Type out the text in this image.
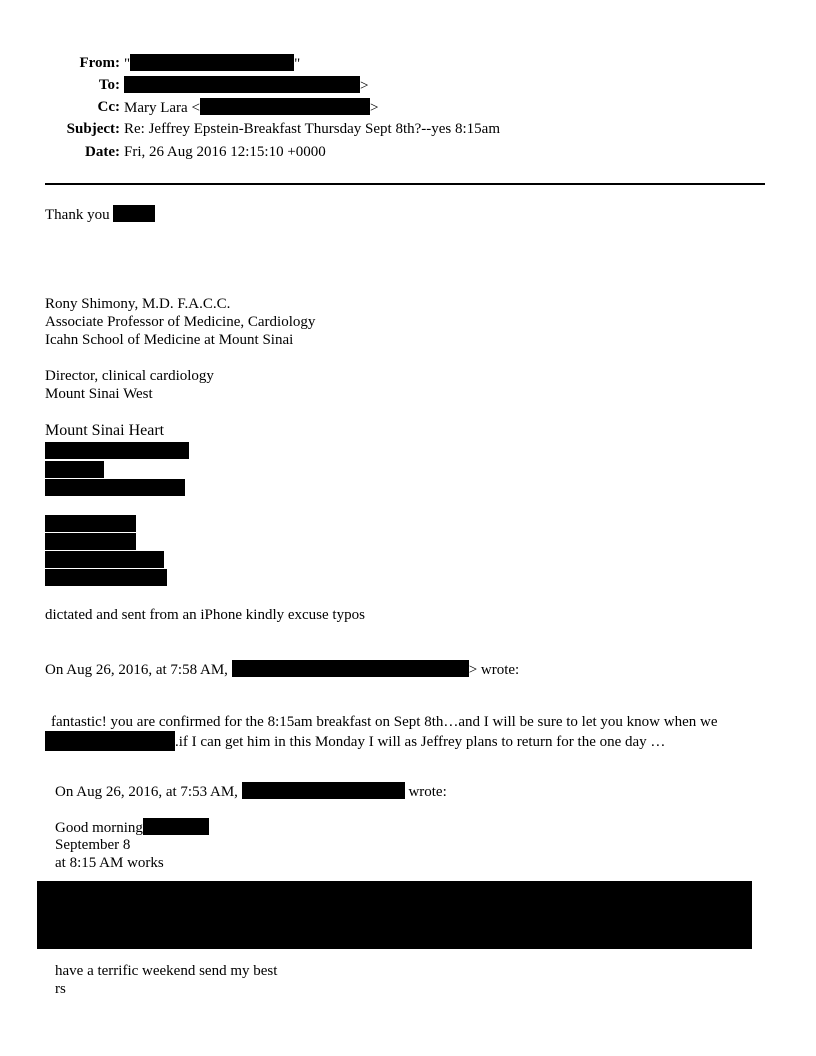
From: "	"
To:	>
Cc: Mary Lara <	>
Subject: Re: Jeffrey Epstein-Breakfast Thursday Sept 8th?--yes 8:15am
Date: Fri, 26 Aug 2016 12:15:10 +0000
Thank you
Rony Shimony, M.D. F.A.C.C.
Associate Professor of Medicine, Cardiology
Icahn School of Medicine at Mount Sinai
Director, clinical cardiology
Mount Sinai West
Mount Sinai Heart
dictated and sent from an iPhone kindly excuse typos
On Aug 26, 2016, at 7:58 AM,	> wrote:
fantastic! you are confirmed for the 8:15am breakfast on Sept 8th…and I will be sure to let you know when we
.if I can get him in this Monday I will as Jeffrey plans to return for the one day …
On Aug 26, 2016, at 7:53 AM,	wrote:
Good morning
September 8
at 8:15 AM works
have a terrific weekend send my best
rs
